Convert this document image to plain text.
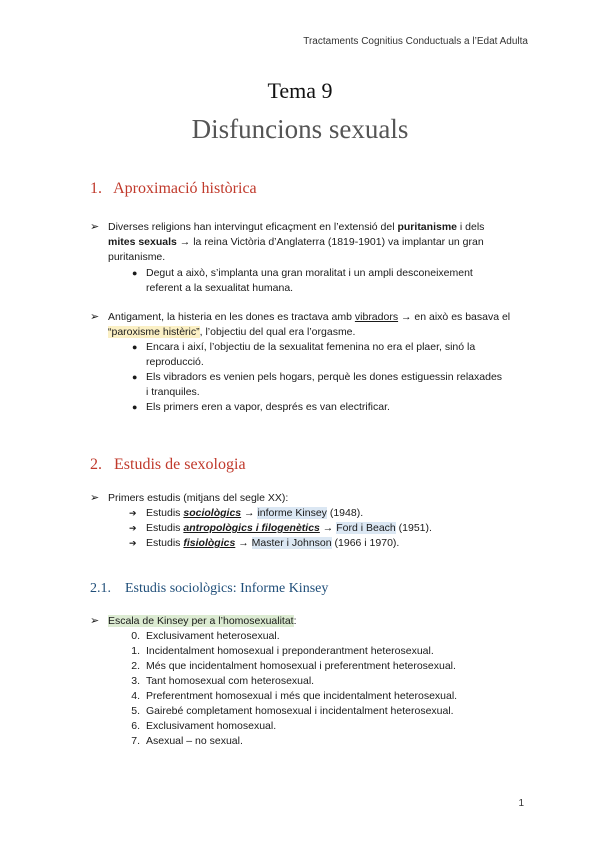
Tractaments Cognitius Conductuals a l’Edat Adulta
Tema 9
Disfuncions sexuals
1. Aproximació històrica
➢ Diverses religions han intervingut eficaçment en l’extensió del puritanisme i dels mites sexuals → la reina Victòria d’Anglaterra (1819-1901) va implantar un gran puritanisme.
● Degut a això, s’implanta una gran moralitat i un ampli desconeixement referent a la sexualitat humana.
➢ Antigament, la histeria en les dones es tractava amb vibradors → en això es basava el “paroxisme histèric”, l’objectiu del qual era l’orgasme.
● Encara i així, l’objectiu de la sexualitat femenina no era el plaer, sinó la reproducció.
● Els vibradors es venien pels hogars, perquè les dones estiguessin relaxades i tranquiles.
● Els primers eren a vapor, després es van electrificar.
2. Estudis de sexologia
➢ Primers estudis (mitjans del segle XX):
➔ Estudis sociològics → informe Kinsey (1948).
➔ Estudis antropològics i filogenètics → Ford i Beach (1951).
➔ Estudis fisiològics → Master i Johnson (1966 i 1970).
2.1. Estudis sociològics: Informe Kinsey
➢ Escala de Kinsey per a l’homosexualitat:
0. Exclusivament heterosexual.
1. Incidentalment homosexual i preponderantment heterosexual.
2. Més que incidentalment homosexual i preferentment heterosexual.
3. Tant homosexual com heterosexual.
4. Preferentment homosexual i més que incidentalment heterosexual.
5. Gairebé completament homosexual i incidentalment heterosexual.
6. Exclusivament homosexual.
7. Asexual – no sexual.
1
